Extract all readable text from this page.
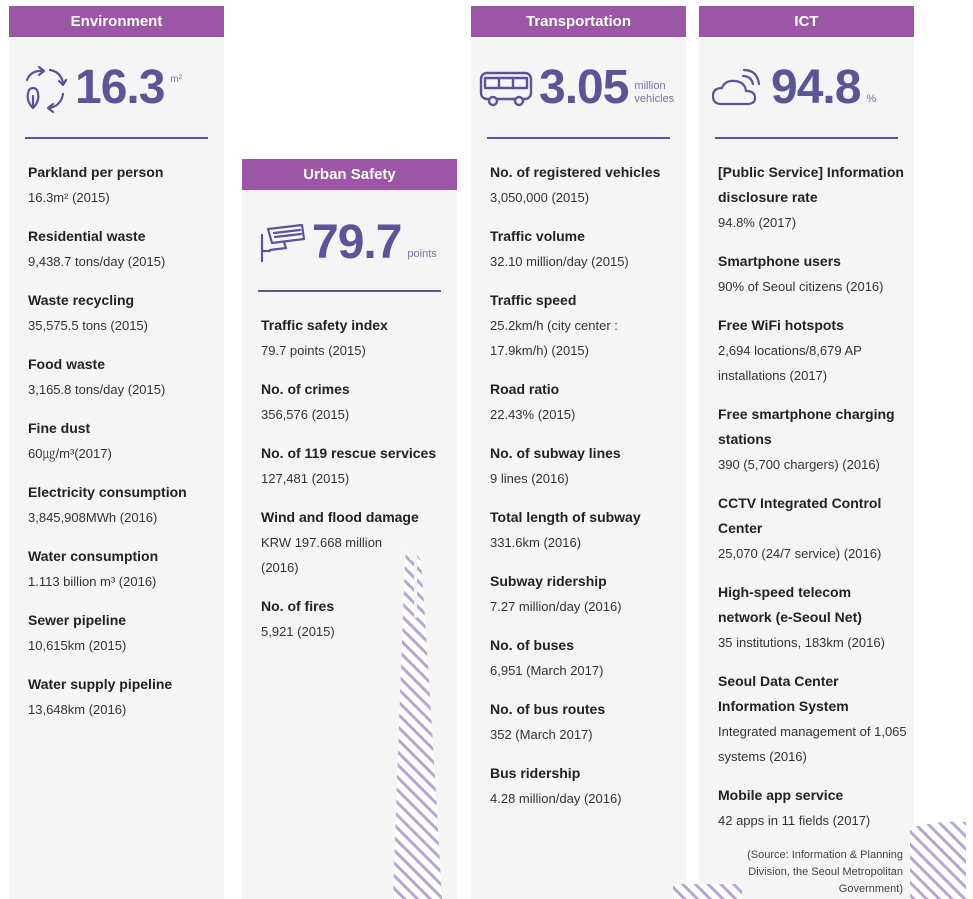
Environment
16.3 m²
Parkland per person
16.3m² (2015)
Residential waste
9,438.7 tons/day (2015)
Waste recycling
35,575.5 tons (2015)
Food waste
3,165.8 tons/day (2015)
Fine dust
60㎍/m³(2017)
Electricity consumption
3,845,908MWh (2016)
Water consumption
1.113 billion m³ (2016)
Sewer pipeline
10,615km (2015)
Water supply pipeline
13,648km (2016)
Urban Safety
79.7 points
Traffic safety index
79.7 points (2015)
No. of crimes
356,576 (2015)
No. of 119 rescue services
127,481 (2015)
Wind and flood damage
KRW 197.668 million (2016)
No. of fires
5,921 (2015)
Transportation
3.05 million vehicles
No. of registered vehicles
3,050,000 (2015)
Traffic volume
32.10 million/day (2015)
Traffic speed
25.2km/h (city center : 17.9km/h) (2015)
Road ratio
22.43% (2015)
No. of subway lines
9 lines (2016)
Total length of subway
331.6km (2016)
Subway ridership
7.27 million/day (2016)
No. of buses
6,951 (March 2017)
No. of bus routes
352 (March 2017)
Bus ridership
4.28 million/day (2016)
ICT
94.8 %
[Public Service] Information disclosure rate
94.8% (2017)
Smartphone users
90% of Seoul citizens (2016)
Free WiFi hotspots
2,694 locations/8,679 AP installations (2017)
Free smartphone charging stations
390 (5,700 chargers) (2016)
CCTV Integrated Control Center
25,070 (24/7 service) (2016)
High-speed telecom network (e-Seoul Net)
35 institutions, 183km (2016)
Seoul Data Center Information System
Integrated management of 1,065 systems (2016)
Mobile app service
42 apps in 11 fields (2017)
(Source: Information & Planning Division, the Seoul Metropolitan Government)
